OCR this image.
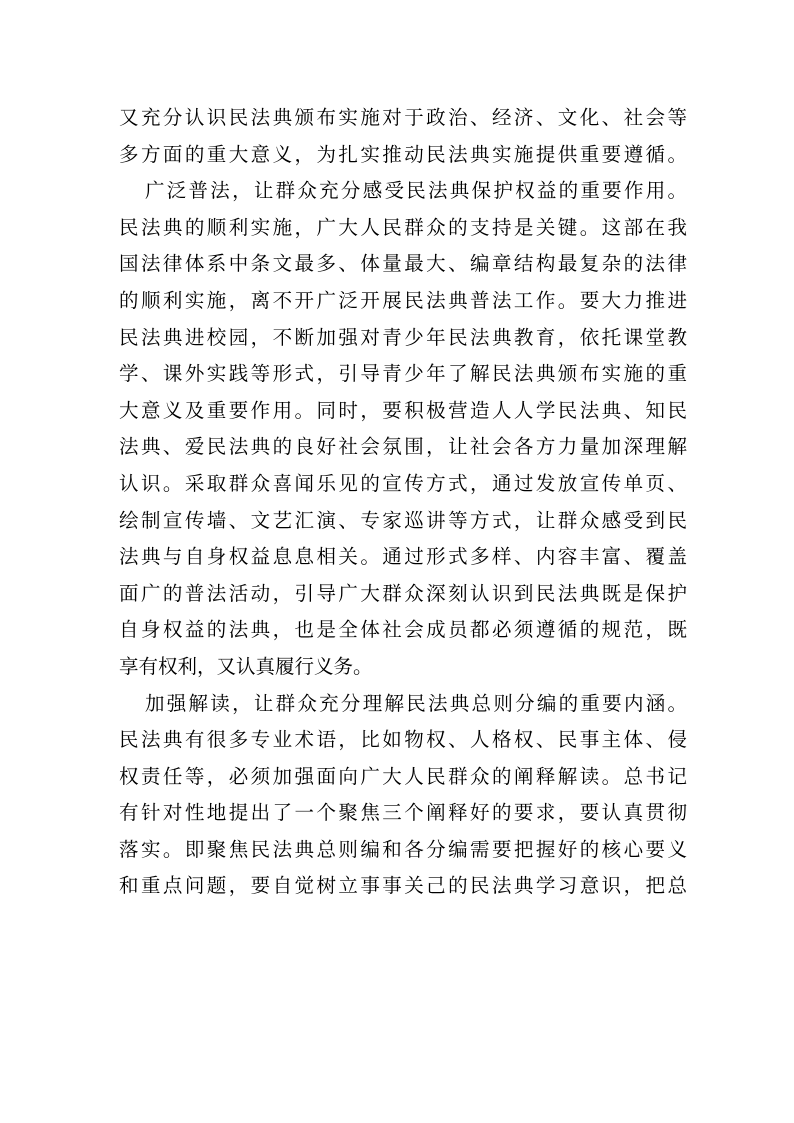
又充分认识民法典颁布实施对于政治、经济、文化、社会等
多方面的重大意义，为扎实推动民法典实施提供重要遵循。
广泛普法，让群众充分感受民法典保护权益的重要作用。
民法典的顺利实施，广大人民群众的支持是关键。这部在我
国法律体系中条文最多、体量最大、编章结构最复杂的法律
的顺利实施，离不开广泛开展民法典普法工作。要大力推进
民法典进校园，不断加强对青少年民法典教育，依托课堂教
学、课外实践等形式，引导青少年了解民法典颁布实施的重
大意义及重要作用。同时，要积极营造人人学民法典、知民
法典、爱民法典的良好社会氛围，让社会各方力量加深理解
认识。采取群众喜闻乐见的宣传方式，通过发放宣传单页、
绘制宣传墙、文艺汇演、专家巡讲等方式，让群众感受到民
法典与自身权益息息相关。通过形式多样、内容丰富、覆盖
面广的普法活动，引导广大群众深刻认识到民法典既是保护
自身权益的法典，也是全体社会成员都必须遵循的规范，既
享有权利，又认真履行义务。
加强解读，让群众充分理解民法典总则分编的重要内涵。
民法典有很多专业术语，比如物权、人格权、民事主体、侵
权责任等，必须加强面向广大人民群众的阐释解读。总书记
有针对性地提出了一个聚焦三个阐释好的要求，要认真贯彻
落实。即聚焦民法典总则编和各分编需要把握好的核心要义
和重点问题，要自觉树立事事关己的民法典学习意识，把总
